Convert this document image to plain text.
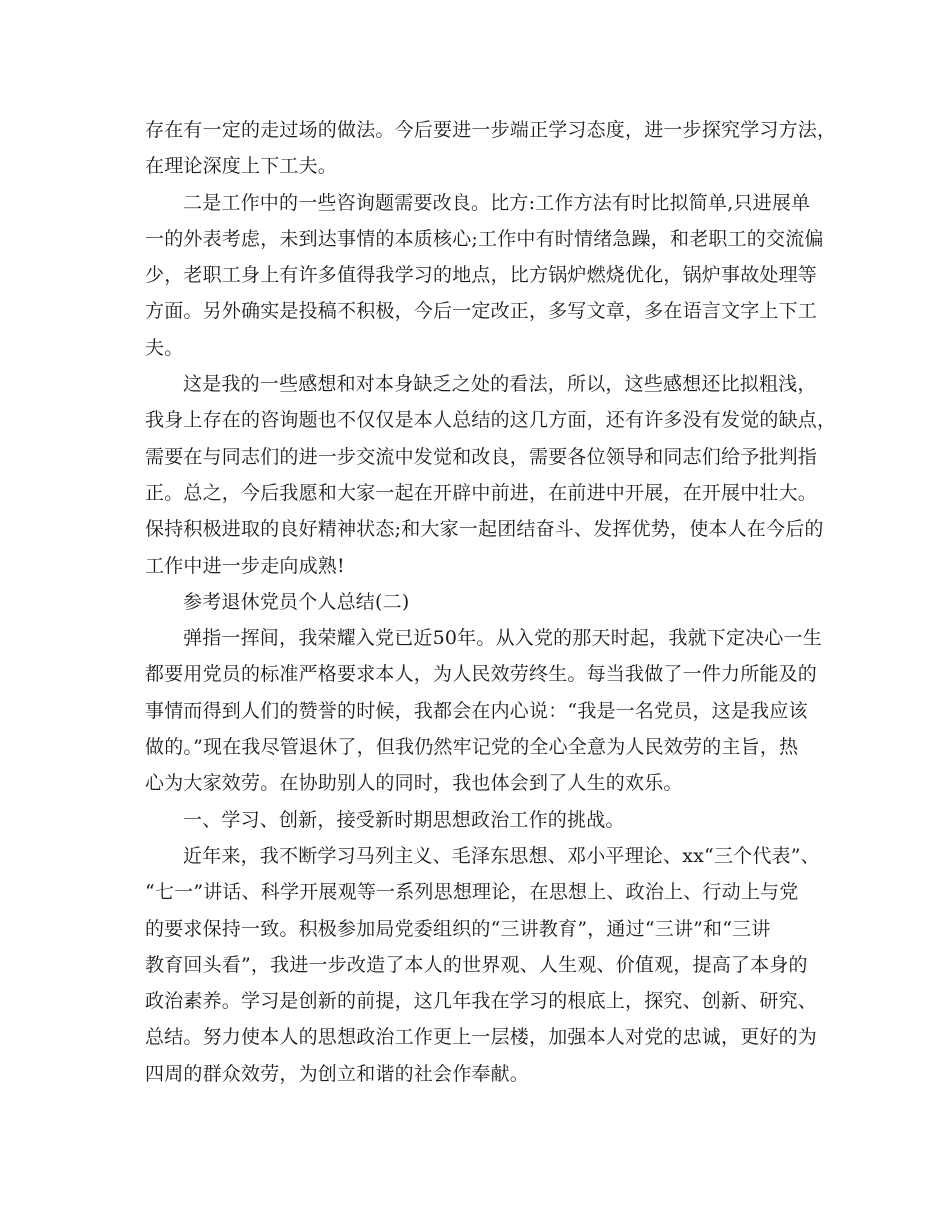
存在有一定的走过场的做法。今后要进一步端正学习态度，进一步探究学习方法，
在理论深度上下工夫。
二是工作中的一些咨询题需要改良。比方:工作方法有时比拟简单,只进展单
一的外表考虑，未到达事情的本质核心;工作中有时情绪急躁，和老职工的交流偏
少，老职工身上有许多值得我学习的地点，比方锅炉燃烧优化，锅炉事故处理等
方面。另外确实是投稿不积极，今后一定改正，多写文章，多在语言文字上下工
夫。
这是我的一些感想和对本身缺乏之处的看法，所以，这些感想还比拟粗浅，
我身上存在的咨询题也不仅仅是本人总结的这几方面，还有许多没有发觉的缺点，
需要在与同志们的进一步交流中发觉和改良，需要各位领导和同志们给予批判指
正。总之，今后我愿和大家一起在开辟中前进，在前进中开展，在开展中壮大。
保持积极进取的良好精神状态;和大家一起团结奋斗、发挥优势，使本人在今后的
工作中进一步走向成熟!
参考退休党员个人总结(二)
弹指一挥间，我荣耀入党已近50年。从入党的那天时起，我就下定决心一生
都要用党员的标准严格要求本人，为人民效劳终生。每当我做了一件力所能及的
事情而得到人们的赞誉的时候，我都会在内心说：“我是一名党员，这是我应该
做的。”现在我尽管退休了，但我仍然牢记党的全心全意为人民效劳的主旨，热
心为大家效劳。在协助别人的同时，我也体会到了人生的欢乐。
一、学习、创新，接受新时期思想政治工作的挑战。
近年来，我不断学习马列主义、毛泽东思想、邓小平理论、xx“三个代表”、
“七一”讲话、科学开展观等一系列思想理论，在思想上、政治上、行动上与党
的要求保持一致。积极参加局党委组织的“三讲教育”，通过“三讲”和“三讲
教育回头看”，我进一步改造了本人的世界观、人生观、价值观，提高了本身的
政治素养。学习是创新的前提，这几年我在学习的根底上，探究、创新、研究、
总结。努力使本人的思想政治工作更上一层楼，加强本人对党的忠诚，更好的为
四周的群众效劳，为创立和谐的社会作奉献。
